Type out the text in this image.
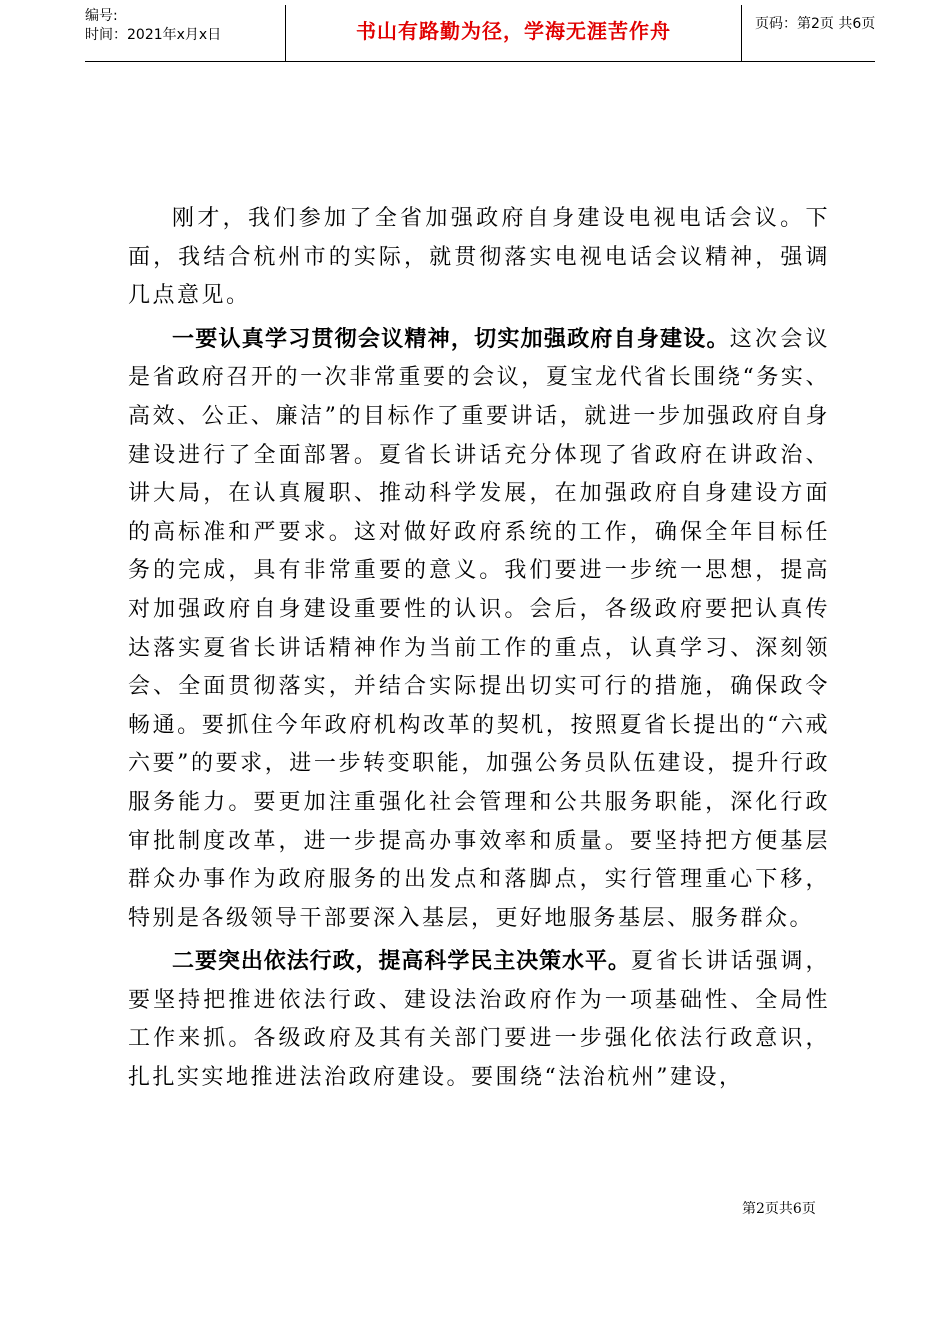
编号:
时间：2021年x月x日	书山有路勤为径，学海无涯苦作舟	页码：第2页 共6页

刚才，我们参加了全省加强政府自身建设电视电话会议。下面，我结合杭州市的实际，就贯彻落实电视电话会议精神，强调几点意见。

一要认真学习贯彻会议精神，切实加强政府自身建设。这次会议是省政府召开的一次非常重要的会议，夏宝龙代省长围绕“务实、高效、公正、廉洁”的目标作了重要讲话，就进一步加强政府自身建设进行了全面部署。夏省长讲话充分体现了省政府在讲政治、讲大局，在认真履职、推动科学发展，在加强政府自身建设方面的高标准和严要求。这对做好政府系统的工作，确保全年目标任务的完成，具有非常重要的意义。我们要进一步统一思想，提高对加强政府自身建设重要性的认识。会后，各级政府要把认真传达落实夏省长讲话精神作为当前工作的重点，认真学习、深刻领会、全面贯彻落实，并结合实际提出切实可行的措施，确保政令畅通。要抓住今年政府机构改革的契机，按照夏省长提出的“六戒六要”的要求，进一步转变职能，加强公务员队伍建设，提升行政服务能力。要更加注重强化社会管理和公共服务职能，深化行政审批制度改革，进一步提高办事效率和质量。要坚持把方便基层群众办事作为政府服务的出发点和落脚点，实行管理重心下移，特别是各级领导干部要深入基层，更好地服务基层、服务群众。

二要突出依法行政，提高科学民主决策水平。夏省长讲话强调，要坚持把推进依法行政、建设法治政府作为一项基础性、全局性工作来抓。各级政府及其有关部门要进一步强化依法行政意识，扎扎实实地推进法治政府建设。要围绕“法治杭州”建设，

第2页共6页
